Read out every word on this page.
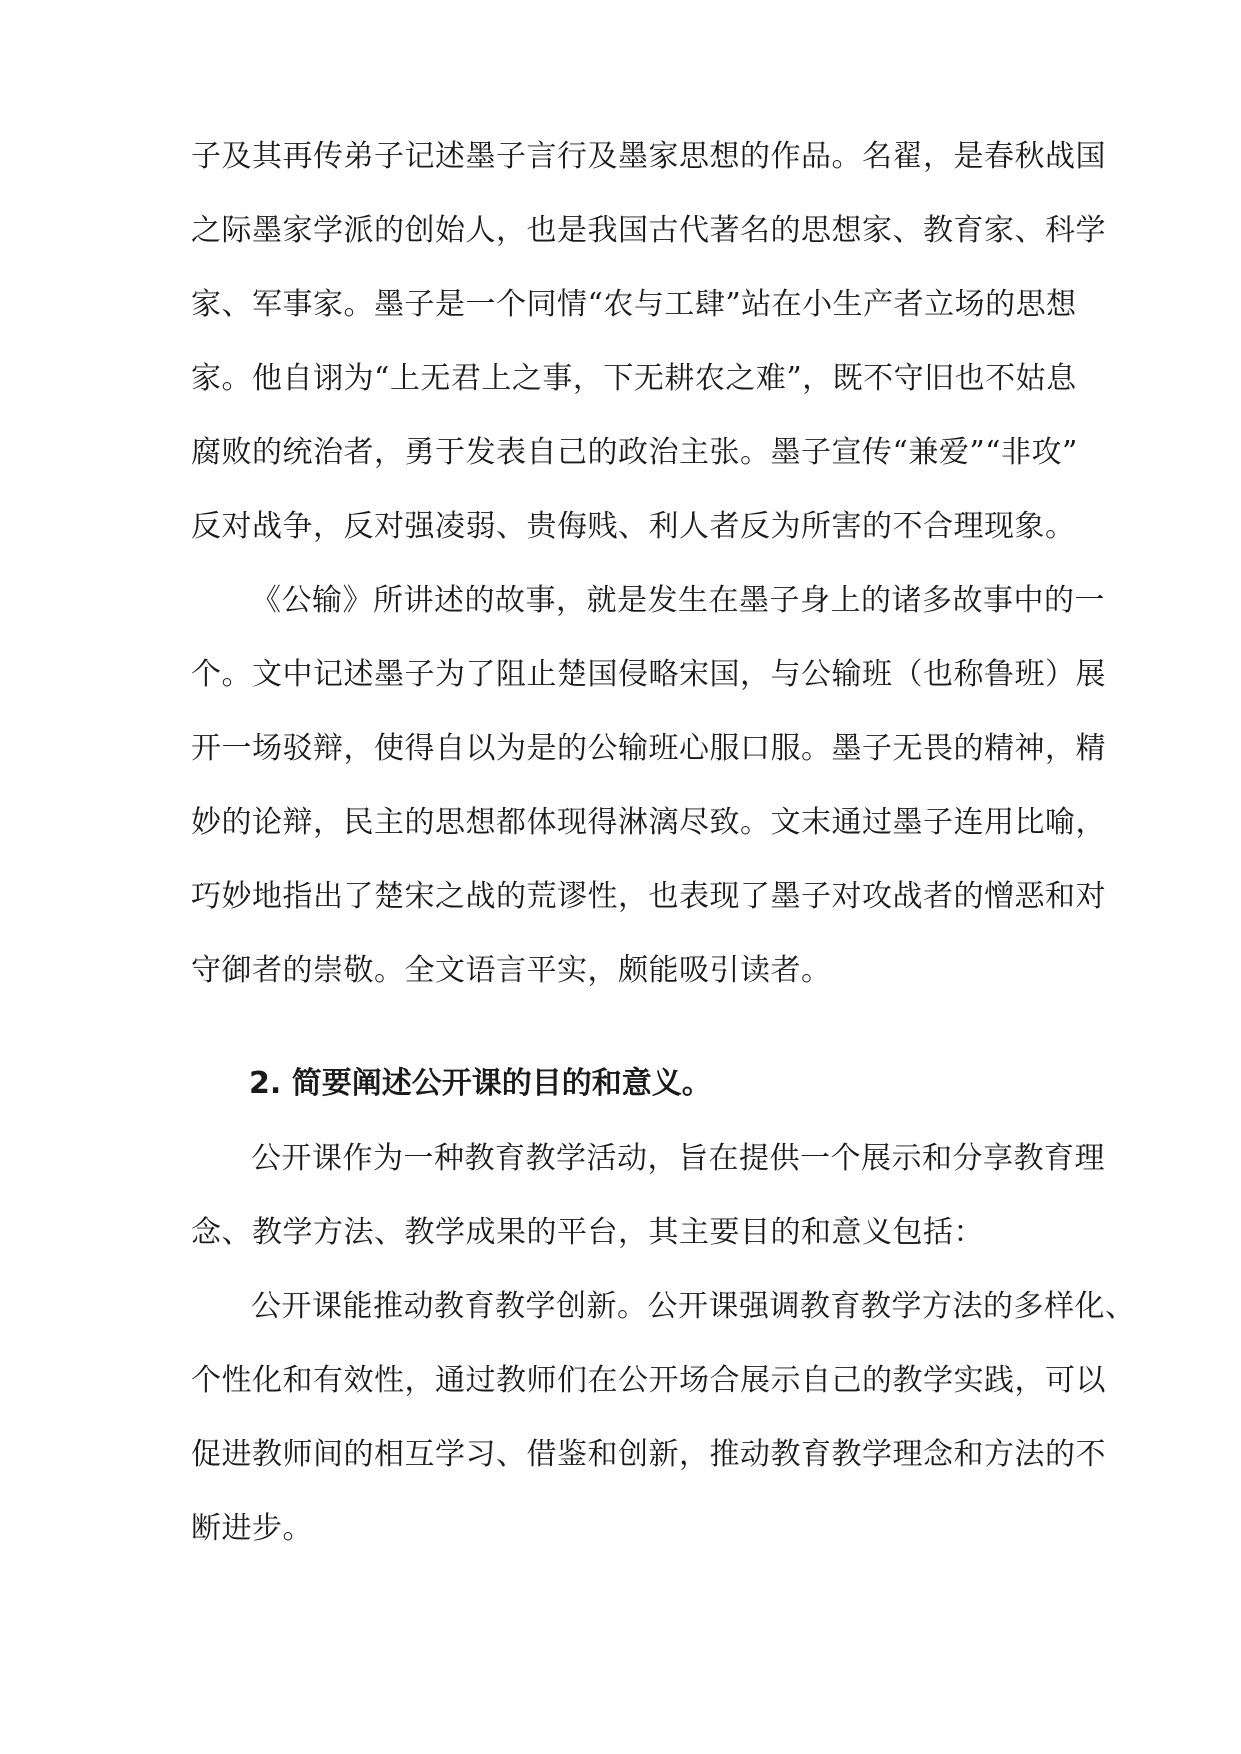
子及其再传弟子记述墨子言行及墨家思想的作品。名翟，是春秋战国
之际墨家学派的创始人，也是我国古代著名的思想家、教育家、科学
家、军事家。墨子是一个同情“农与工肆”站在小生产者立场的思想
家。他自诩为“上无君上之事，下无耕农之难”，既不守旧也不姑息
腐败的统治者，勇于发表自己的政治主张。墨子宣传“兼爱”“非攻”
反对战争，反对强凌弱、贵侮贱、利人者反为所害的不合理现象。
《公输》所讲述的故事，就是发生在墨子身上的诸多故事中的一
个。文中记述墨子为了阻止楚国侵略宋国，与公输班（也称鲁班）展
开一场驳辩，使得自以为是的公输班心服口服。墨子无畏的精神，精
妙的论辩，民主的思想都体现得淋漓尽致。文末通过墨子连用比喻，
巧妙地指出了楚宋之战的荒谬性，也表现了墨子对攻战者的憎恶和对
守御者的崇敬。全文语言平实，颇能吸引读者。
2. 简要阐述公开课的目的和意义。
公开课作为一种教育教学活动，旨在提供一个展示和分享教育理
念、教学方法、教学成果的平台，其主要目的和意义包括：
公开课能推动教育教学创新。公开课强调教育教学方法的多样化、
个性化和有效性，通过教师们在公开场合展示自己的教学实践，可以
促进教师间的相互学习、借鉴和创新，推动教育教学理念和方法的不
断进步。
